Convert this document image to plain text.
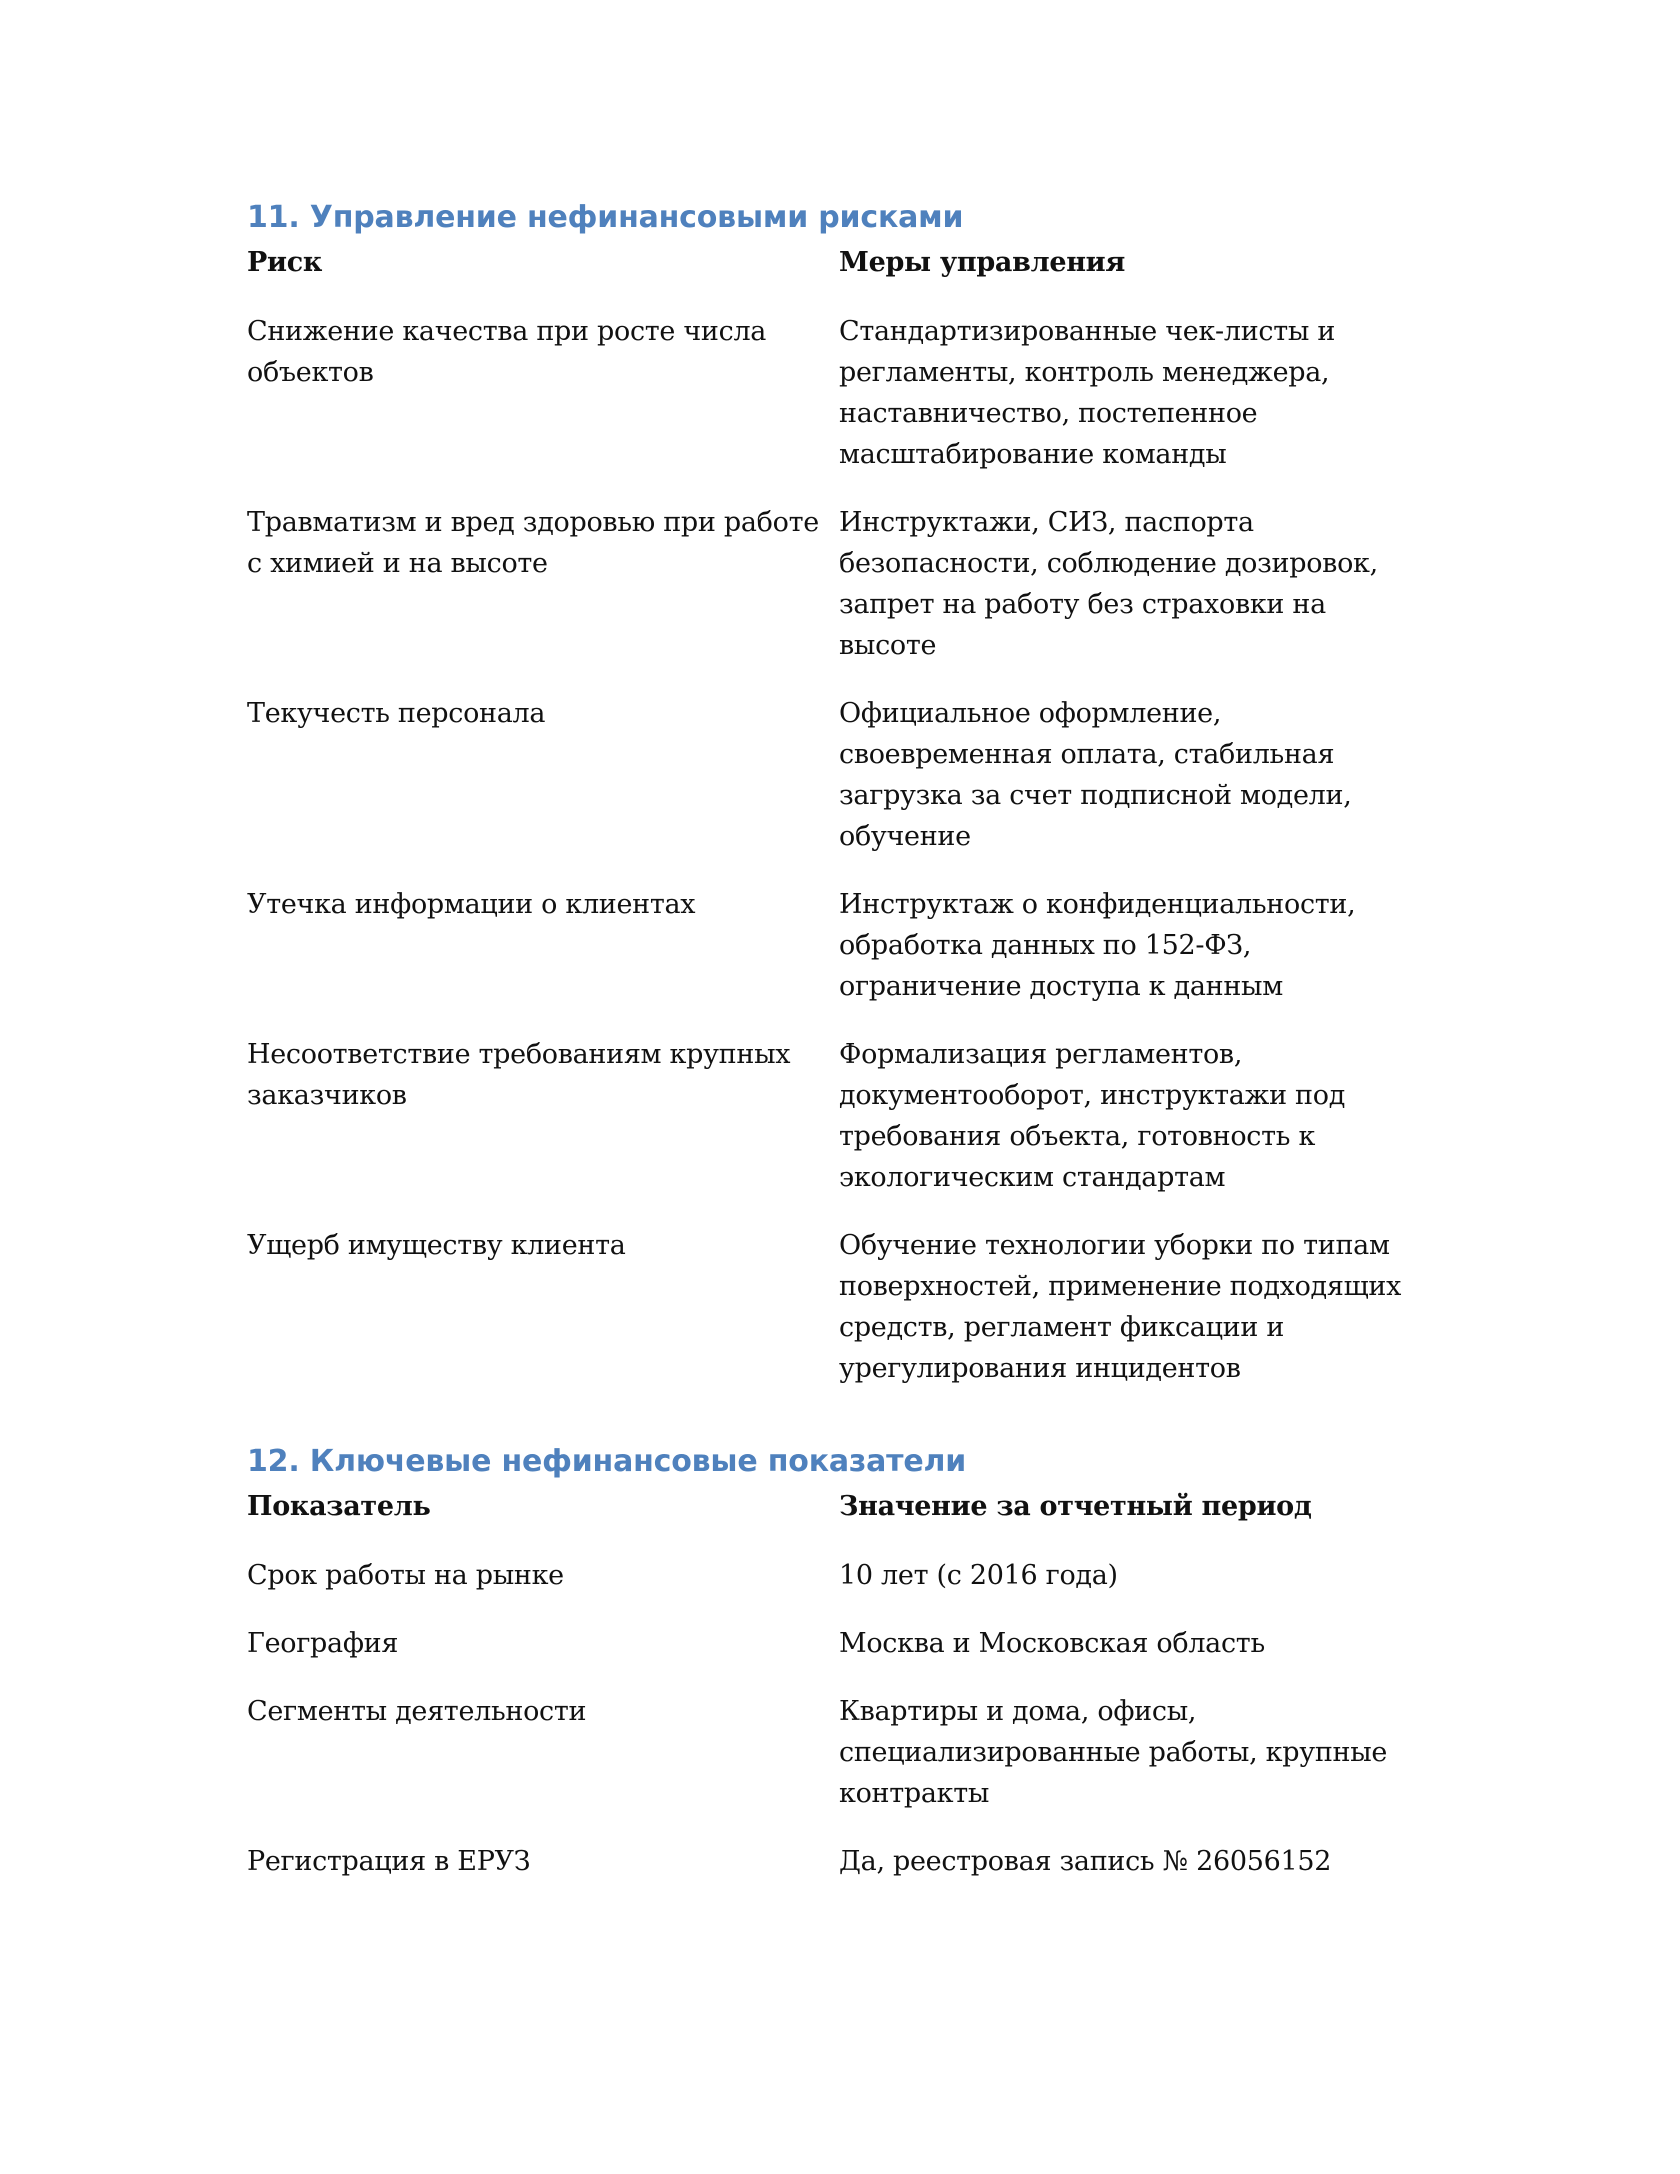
11. Управление нефинансовыми рисками
Риск	Меры управления
Снижение качества при росте числа объектов	Стандартизированные чек-листы и регламенты, контроль менеджера, наставничество, постепенное масштабирование команды
Травматизм и вред здоровью при работе с химией и на высоте	Инструктажи, СИЗ, паспорта безопасности, соблюдение дозировок, запрет на работу без страховки на высоте
Текучесть персонала	Официальное оформление, своевременная оплата, стабильная загрузка за счет подписной модели, обучение
Утечка информации о клиентах	Инструктаж о конфиденциальности, обработка данных по 152-ФЗ, ограничение доступа к данным
Несоответствие требованиям крупных заказчиков	Формализация регламентов, документооборот, инструктажи под требования объекта, готовность к экологическим стандартам
Ущерб имуществу клиента	Обучение технологии уборки по типам поверхностей, применение подходящих средств, регламент фиксации и урегулирования инцидентов
12. Ключевые нефинансовые показатели
Показатель	Значение за отчетный период
Срок работы на рынке	10 лет (с 2016 года)
География	Москва и Московская область
Сегменты деятельности	Квартиры и дома, офисы, специализированные работы, крупные контракты
Регистрация в ЕРУЗ	Да, реестровая запись № 26056152
